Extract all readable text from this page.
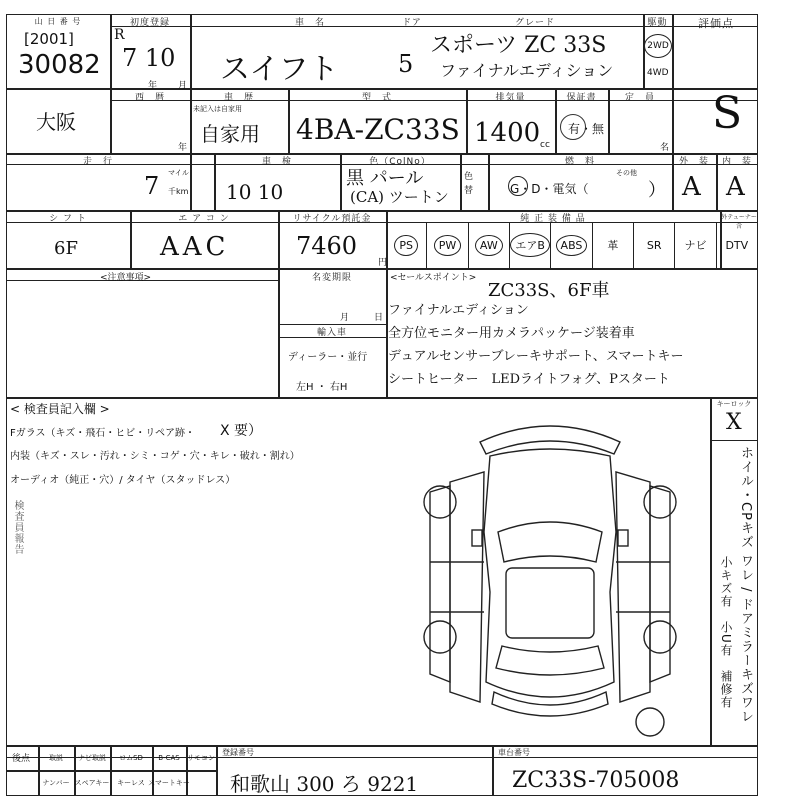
山 日 番 号
[2001]
30082
初度登録
R
7 10
年 月
車　名
スイフト
ドア
5
グレード
スポーツ ZC 33S
ファイナルエディション
駆動
2WD
4WD
評価点
西　暦
大阪
年
車　歴
未記入は自家用
自家用
型　式
4BA-ZC33S
排気量
1400 cc
保証書
有・無
定　員
名
S
走　行
7 マイル
千km
車　検
10 10
色（ColNo）
黒 パール
(CA) ツートン
色替
燃　料
G・D・電気（
その他
）
外　装
A
内　装
A
シ フ ト
6F
エ ア コ ン
AAC
リサイクル預託金
7460
円
純 正 装 備 品	外テューナー含
PS	PW	AW	エアB	ABS	革	SR ナビ DTV
<注意事項>	名変期限
月	日
輸入車
ディーラー・並行
左H ・ 右H
<セールスポイント>
ZC33S、6F車
ファイナルエディション
全方位モニター用カメラパッケージ装着車
デュアルセンサーブレーキサポート、スマートキー
シートヒーター　LEDライトフォグ、Pスタート
< 検査員記入欄 >
Fガラス（キズ・飛石・ヒビ・リペア跡・ X 要）
内装（キズ・スレ・汚れ・シミ・コゲ・穴・キレ・破れ・割れ）
オーディオ（純正・穴）/ タイヤ（スタッドレス）
検査員報告
キーロック
X
ホイル・CPキズ ワレ / ドアミラーキズワレ
小キズ有　小U有　補修有
後点	取説	ナビ取説	ロムSD	B-CAS	リモコン
ナンバー スペアキー	キーレス スマートキー
登録番号
和歌山 300 ろ 9221
車台番号
ZC33S-705008
